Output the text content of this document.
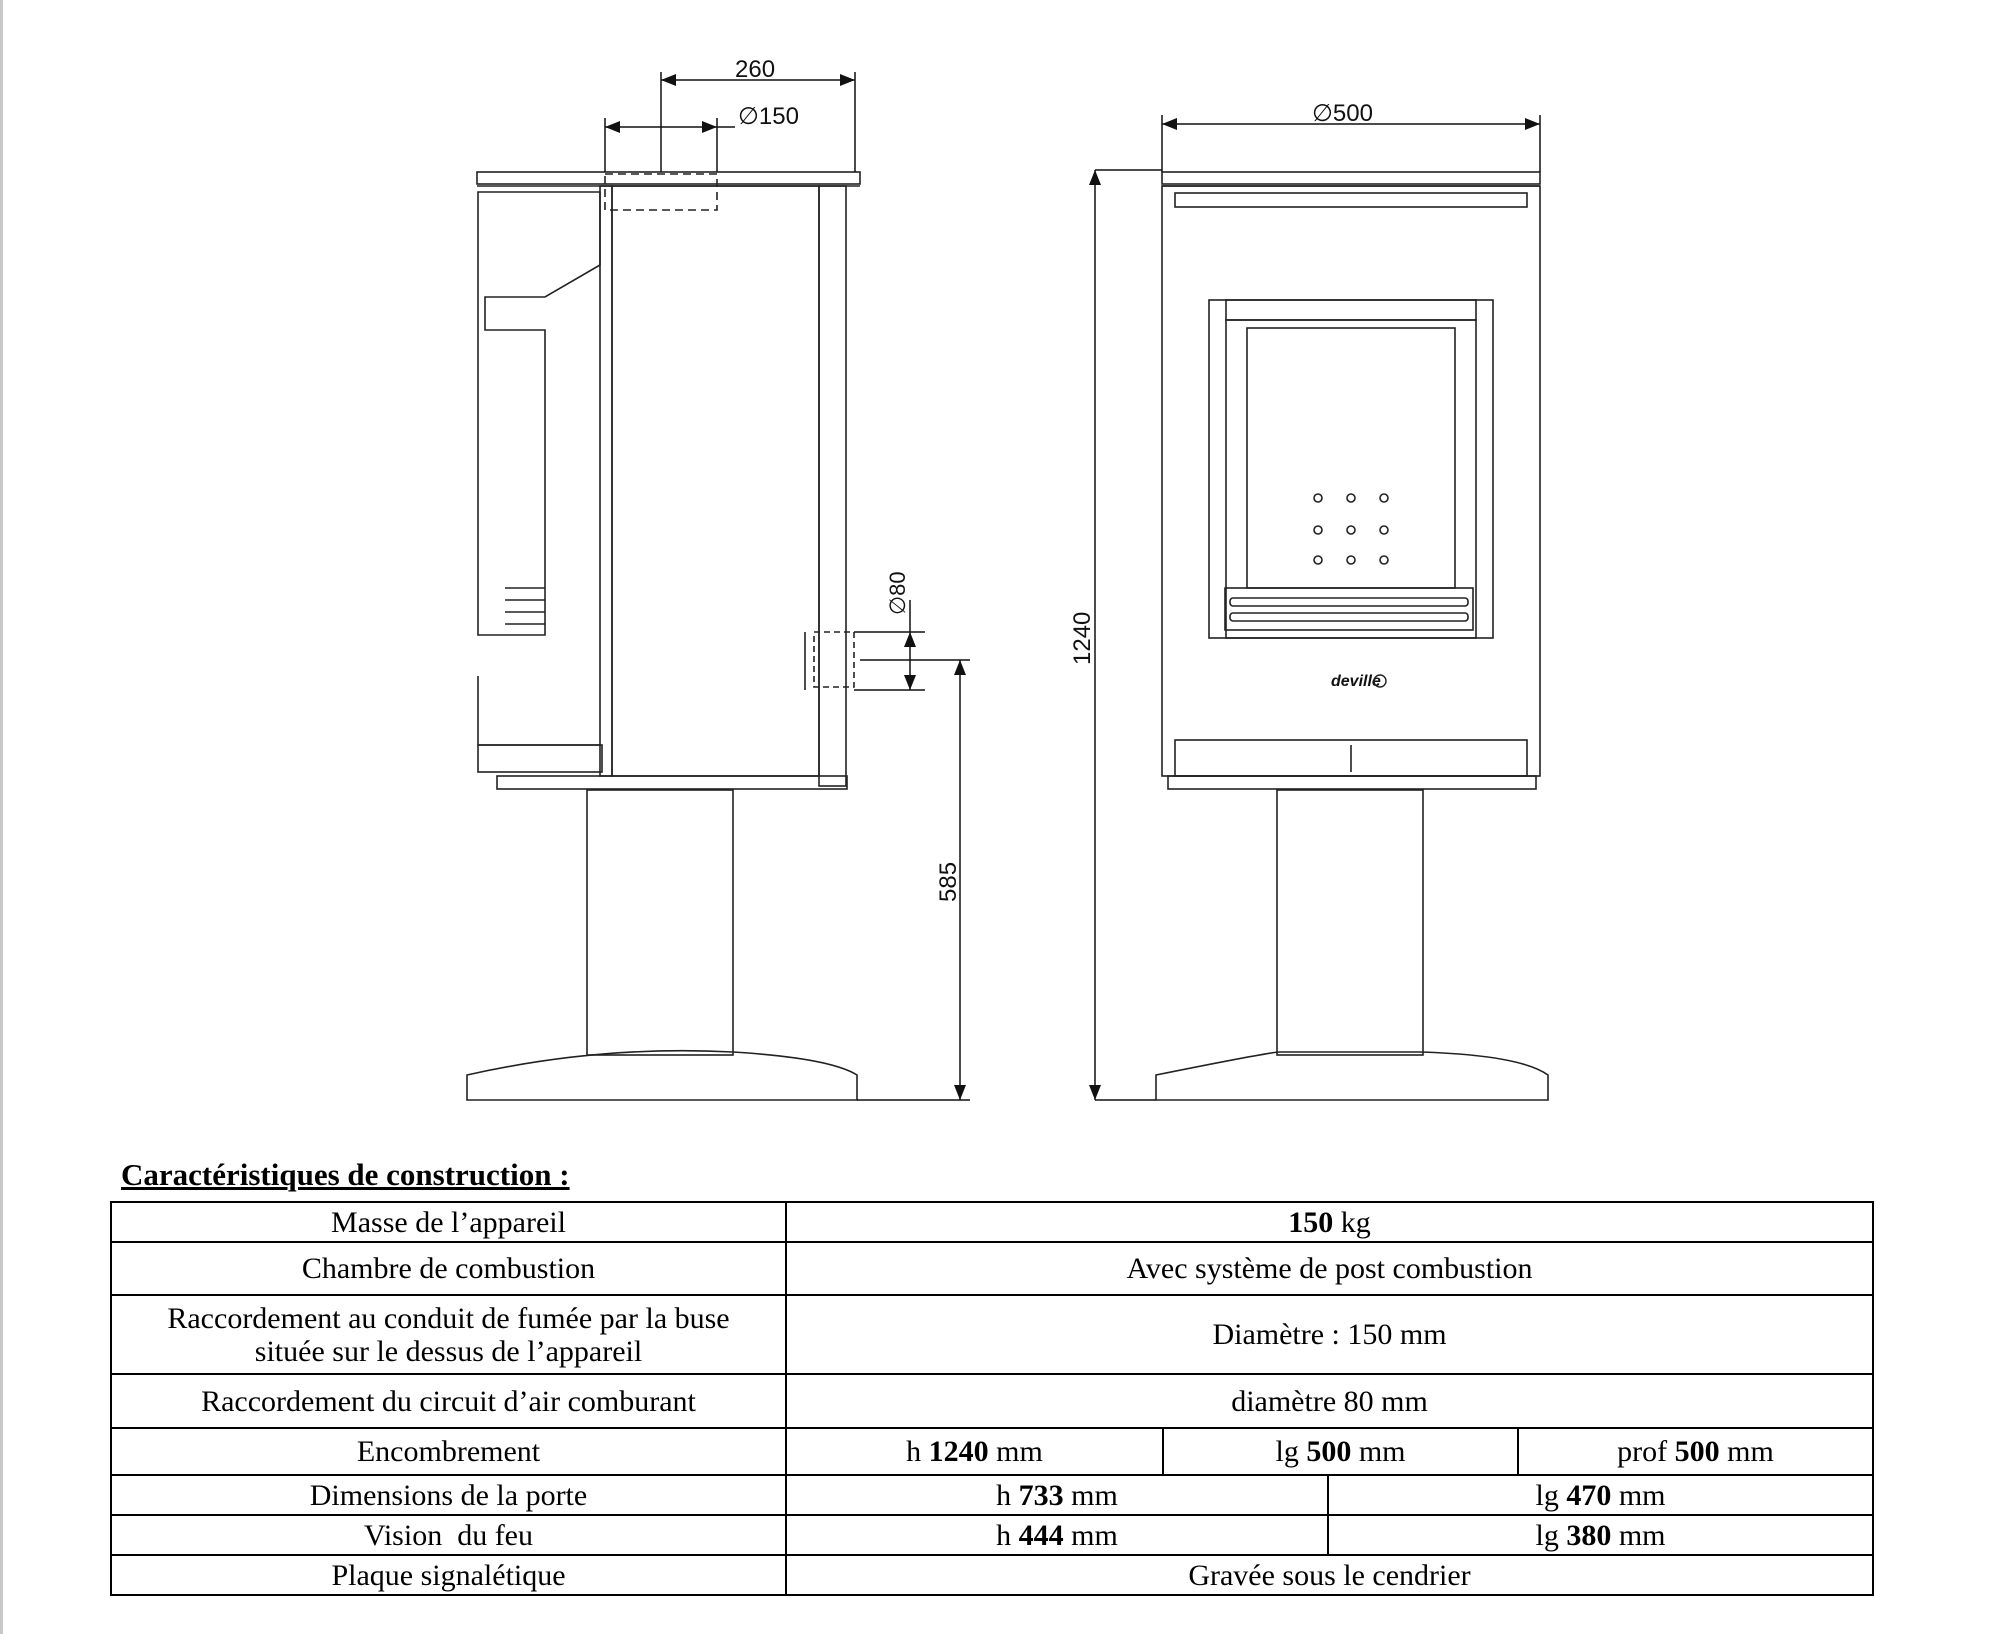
deville
260
∅150	∅500
1240
585
∅80
Caractéristiques de construction :
Masse de l’appareil	150 kg			
Chambre de combustion	Avec système de post combustion			
Raccordement au conduit de fumée par la buse
située sur le dessus de l’appareil	Diamètre : 150 mm			
Raccordement du circuit d’air comburant	diamètre 80 mm			
Encombrement	h 1240 mm	lg 500 mm		prof 500 mm
Dimensions de la porte	h 733 mm		lg 470 mm	
Vision  du feu	h 444 mm		lg 380 mm	
Plaque signalétique	Gravée sous le cendrier			
